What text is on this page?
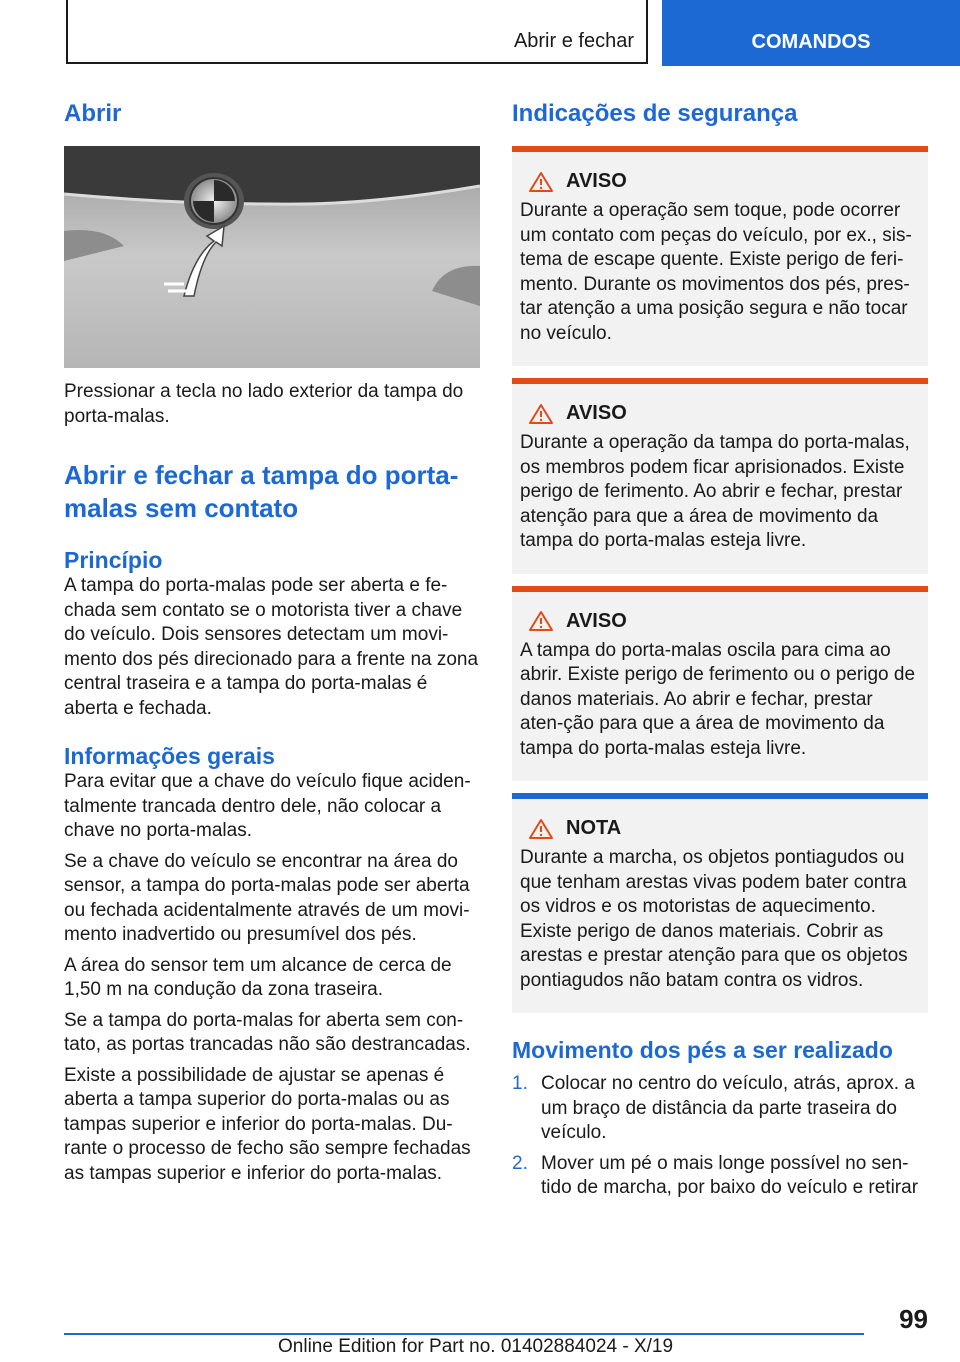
Abrir e fechar	COMANDOS
Abrir

Pressionar a tecla no lado exterior da tampa do porta-malas.

Abrir e fechar a tampa do porta-malas sem contato
Princípio

A tampa do porta-malas pode ser aberta e fe-chada sem contato se o motorista tiver a chave do veículo. Dois sensores detectam um movi-mento dos pés direcionado para a frente na zona central traseira e a tampa do porta-malas é aberta e fechada.

Informações gerais

Para evitar que a chave do veículo fique aciden-talmente trancada dentro dele, não colocar a chave no porta-malas.

Se a chave do veículo se encontrar na área do sensor, a tampa do porta-malas pode ser aberta ou fechada acidentalmente através de um movi-mento inadvertido ou presumível dos pés.

A área do sensor tem um alcance de cerca de 1,50 m na condução da zona traseira.

Se a tampa do porta-malas for aberta sem con-tato, as portas trancadas não são destrancadas.

Existe a possibilidade de ajustar se apenas é aberta a tampa superior do porta-malas ou as tampas superior e inferior do porta-malas. Du-rante o processo de fecho são sempre fechadas as tampas superior e inferior do porta-malas.

Indicações de segurança
AVISO

Durante a operação sem toque, pode ocorrer um contato com peças do veículo, por ex., sis-tema de escape quente. Existe perigo de feri-mento. Durante os movimentos dos pés, pres-tar atenção a uma posição segura e não tocar no veículo.

AVISO

Durante a operação da tampa do porta-malas, os membros podem ficar aprisionados. Existe perigo de ferimento. Ao abrir e fechar, prestar atenção para que a área de movimento da tampa do porta-malas esteja livre.

AVISO

A tampa do porta-malas oscila para cima ao abrir. Existe perigo de ferimento ou o perigo de danos materiais. Ao abrir e fechar, prestar aten-ção para que a área de movimento da tampa do porta-malas esteja livre.

NOTA

Durante a marcha, os objetos pontiagudos ou que tenham arestas vivas podem bater contra os vidros e os motoristas de aquecimento. Existe perigo de danos materiais. Cobrir as arestas e prestar atenção para que os objetos pontiagudos não batam contra os vidros.

Movimento dos pés a ser realizado
1. Colocar no centro do veículo, atrás, aprox. a um braço de distância da parte traseira do veículo.
2. Mover um pé o mais longe possível no sen-tido de marcha, por baixo do veículo e retirar
99
Online Edition for Part no. 01402884024 - X/19
